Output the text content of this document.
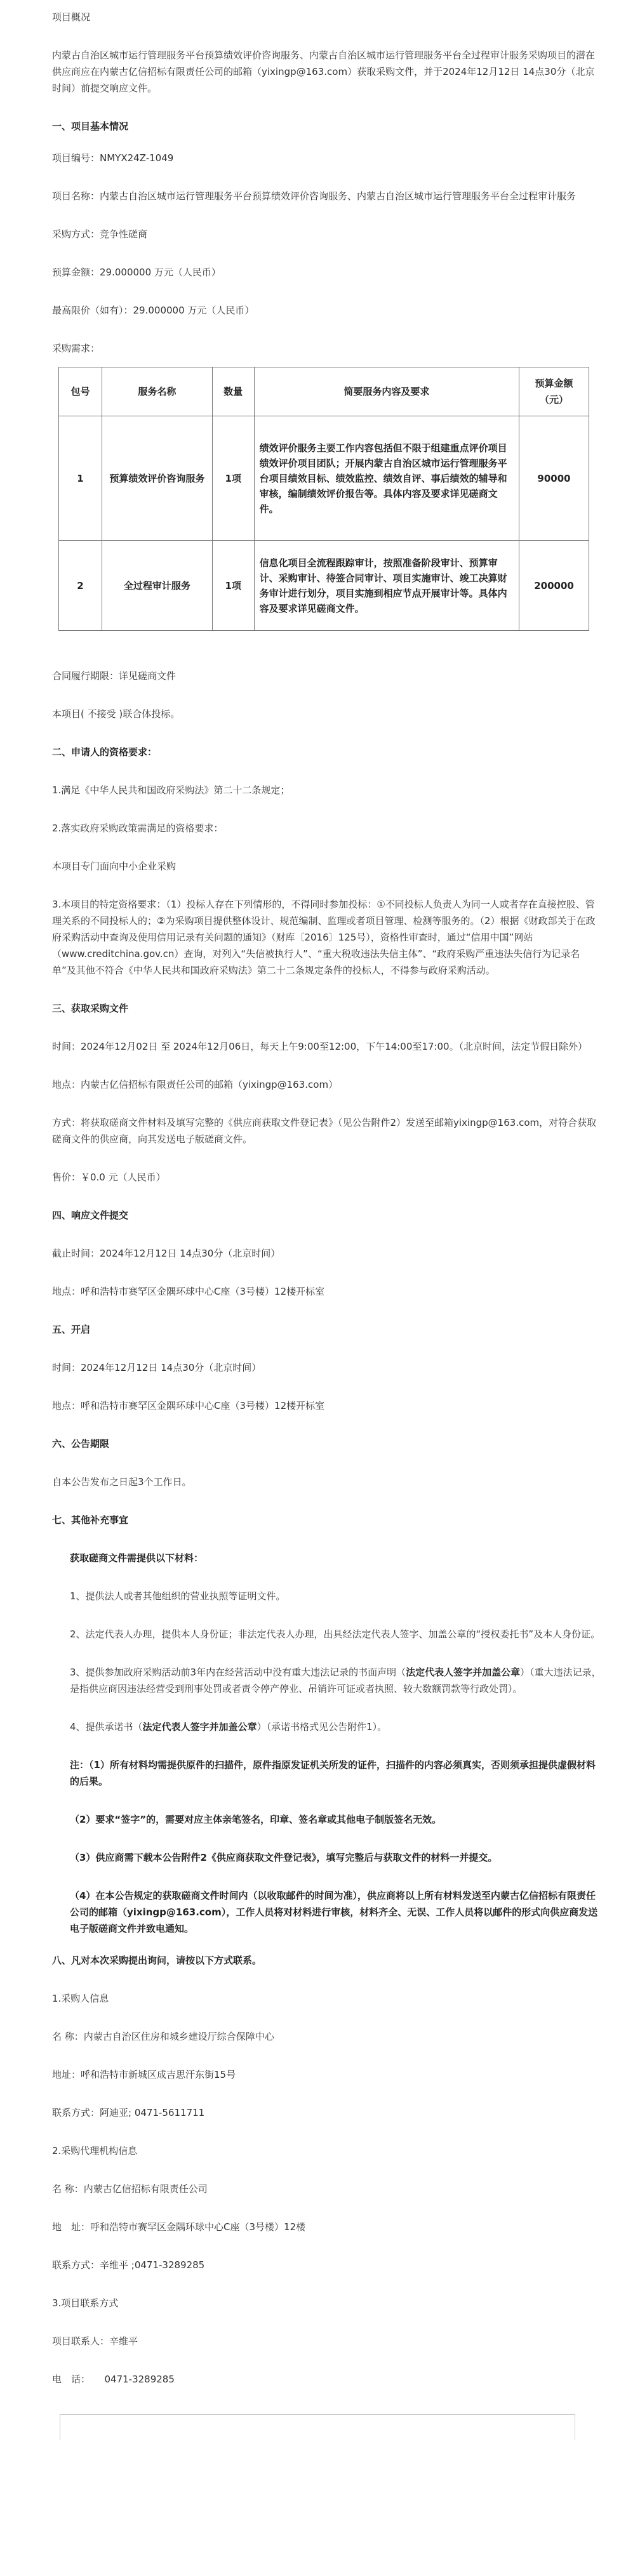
项目概况

内蒙古自治区城市运行管理服务平台预算绩效评价咨询服务、内蒙古自治区城市运行管理服务平台全过程审计服务采购项目的潜在供应商应在内蒙古亿信招标有限责任公司的邮箱（yixingp@163.com）获取采购文件，并于2024年12月12日 14点30分（北京时间）前提交响应文件。

一、项目基本情况

项目编号：NMYX24Z-1049

项目名称：内蒙古自治区城市运行管理服务平台预算绩效评价咨询服务、内蒙古自治区城市运行管理服务平台全过程审计服务

采购方式：竞争性磋商

预算金额：29.000000 万元（人民币）

最高限价（如有）：29.000000 万元（人民币）

采购需求：

包号	服务名称	数量	简要服务内容及要求	预算金额（元）
1	预算绩效评价咨询服务	1项	绩效评价服务主要工作内容包括但不限于组建重点评价项目绩效评价项目团队；开展内蒙古自治区城市运行管理服务平台项目绩效目标、绩效监控、绩效自评、事后绩效的辅导和审核，编制绩效评价报告等。具体内容及要求详见磋商文件。	90000
2	全过程审计服务	1项	信息化项目全流程跟踪审计，按照准备阶段审计、预算审计、采购审计、待签合同审计、项目实施审计、竣工决算财务审计进行划分，项目实施到相应节点开展审计等。具体内容及要求详见磋商文件。	200000

合同履行期限：详见磋商文件

本项目( 不接受 )联合体投标。

二、申请人的资格要求：

1.满足《中华人民共和国政府采购法》第二十二条规定；

2.落实政府采购政策需满足的资格要求：

本项目专门面向中小企业采购

3.本项目的特定资格要求：（1）投标人存在下列情形的，不得同时参加投标：①不同投标人负责人为同一人或者存在直接控股、管理关系的不同投标人的；②为采购项目提供整体设计、规范编制、监理或者项目管理、检测等服务的。（2）根据《财政部关于在政府采购活动中查询及使用信用记录有关问题的通知》（财库〔2016〕125号），资格性审查时，通过“信用中国”网站（www.creditchina.gov.cn）查询，对列入“失信被执行人”、“重大税收违法失信主体”、“政府采购严重违法失信行为记录名单”及其他不符合《中华人民共和国政府采购法》第二十二条规定条件的投标人，不得参与政府采购活动。

三、获取采购文件

时间：2024年12月02日 至 2024年12月06日，每天上午9:00至12:00，下午14:00至17:00。（北京时间，法定节假日除外）

地点：内蒙古亿信招标有限责任公司的邮箱（yixingp@163.com）

方式：将获取磋商文件材料及填写完整的《供应商获取文件登记表》（见公告附件2）发送至邮箱yixingp@163.com，对符合获取磋商文件的供应商，向其发送电子版磋商文件。

售价：￥0.0 元（人民币）

四、响应文件提交

截止时间：2024年12月12日 14点30分（北京时间）

地点：呼和浩特市赛罕区金隅环球中心C座（3号楼）12楼开标室

五、开启

时间：2024年12月12日 14点30分（北京时间）

地点：呼和浩特市赛罕区金隅环球中心C座（3号楼）12楼开标室

六、公告期限

自本公告发布之日起3个工作日。

七、其他补充事宜

获取磋商文件需提供以下材料：

1、提供法人或者其他组织的营业执照等证明文件。

2、法定代表人办理，提供本人身份证；非法定代表人办理，出具经法定代表人签字、加盖公章的“授权委托书”及本人身份证。

3、提供参加政府采购活动前3年内在经营活动中没有重大违法记录的书面声明（法定代表人签字并加盖公章）（重大违法记录，是指供应商因违法经营受到刑事处罚或者责令停产停业、吊销许可证或者执照、较大数额罚款等行政处罚）。

4、提供承诺书（法定代表人签字并加盖公章）（承诺书格式见公告附件1）。

注：（1）所有材料均需提供原件的扫描件，原件指原发证机关所发的证件，扫描件的内容必须真实，否则须承担提供虚假材料的后果。

（2）要求“签字”的，需要对应主体亲笔签名，印章、签名章或其他电子制版签名无效。

（3）供应商需下载本公告附件2《供应商获取文件登记表》，填写完整后与获取文件的材料一并提交。

（4）在本公告规定的获取磋商文件时间内（以收取邮件的时间为准），供应商将以上所有材料发送至内蒙古亿信招标有限责任公司的邮箱（yixingp@163.com），工作人员将对材料进行审核，材料齐全、无误、工作人员将以邮件的形式向供应商发送电子版磋商文件并致电通知。

八、凡对本次采购提出询问，请按以下方式联系。

1.采购人信息

名 称：内蒙古自治区住房和城乡建设厅综合保障中心

地址：呼和浩特市新城区成吉思汗东街15号

联系方式：阿迪亚; 0471-5611711

2.采购代理机构信息

名 称：内蒙古亿信招标有限责任公司

地　址：呼和浩特市赛罕区金隅环球中心C座（3号楼）12楼

联系方式：辛维平 ;0471-3289285

3.项目联系方式

项目联系人：辛维平

电　话：　　0471-3289285
